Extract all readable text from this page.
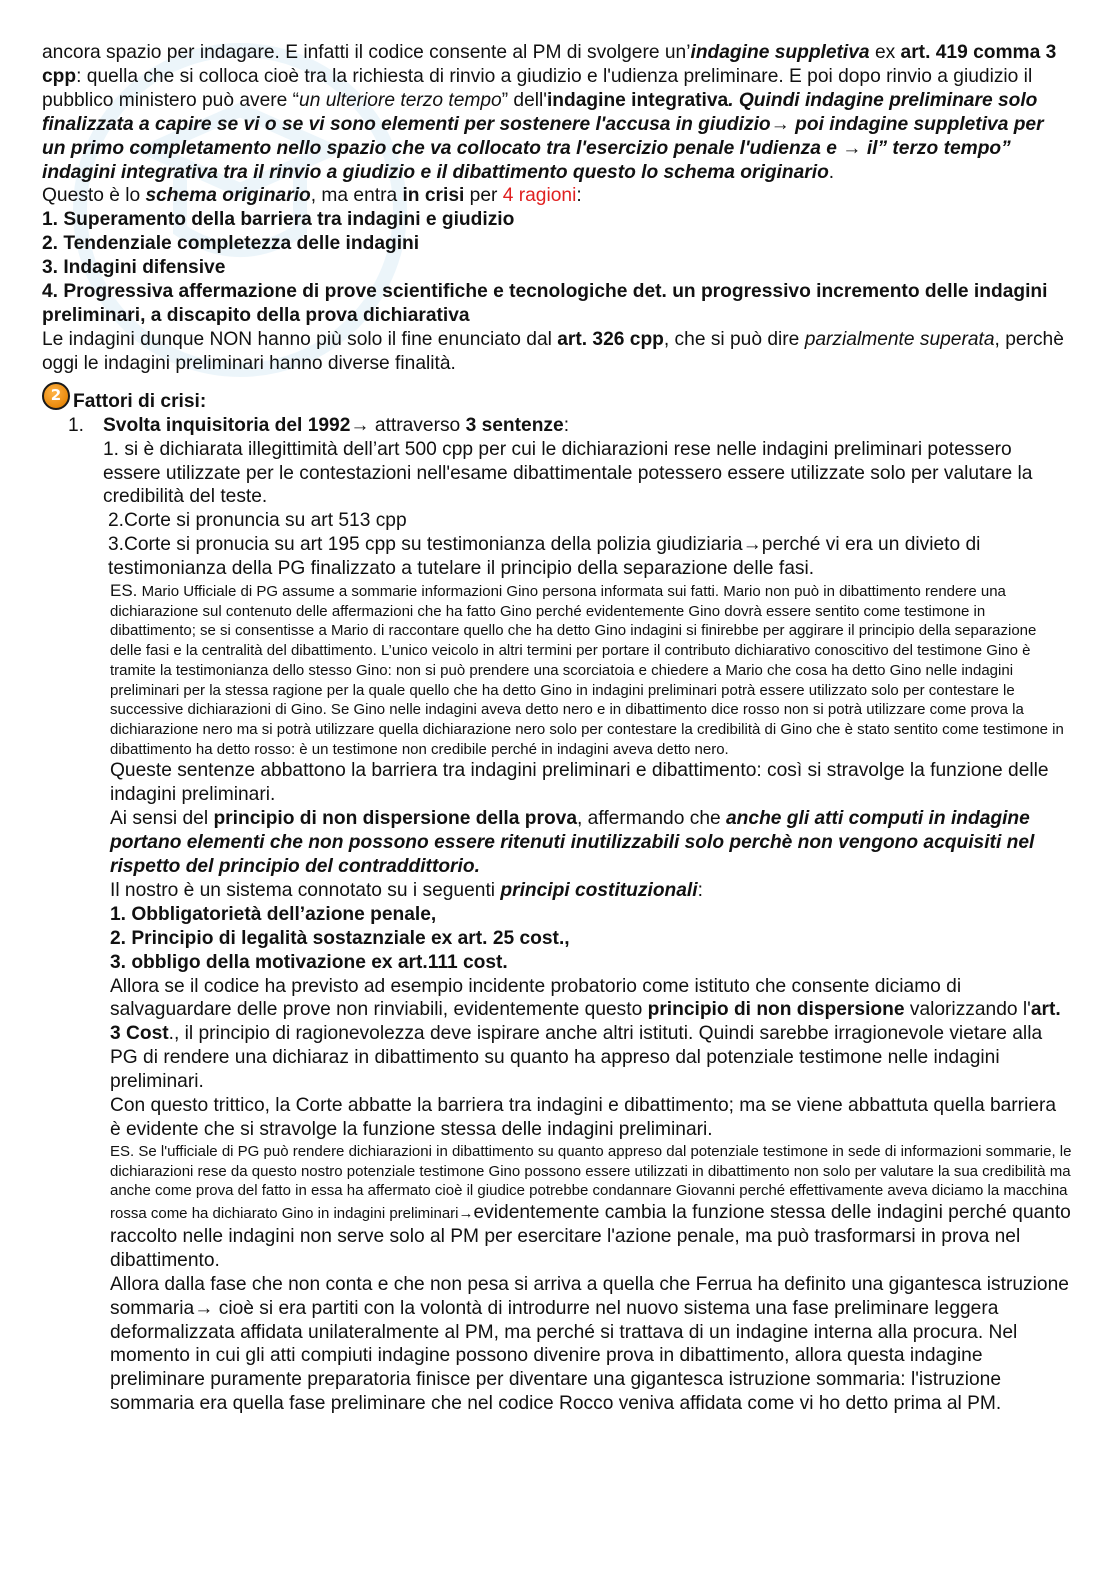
ancora spazio per indagare. E infatti il codice consente al PM di svolgere un’indagine suppletiva ex art. 419 comma 3 cpp: quella che si colloca cioè tra la richiesta di rinvio a giudizio e l'udienza preliminare. E poi dopo rinvio a giudizio il pubblico ministero può avere “un ulteriore terzo tempo” dell'indagine integrativa. Quindi indagine preliminare solo finalizzata a capire se vi o se vi sono elementi per sostenere l'accusa in giudizio→ poi indagine suppletiva per un primo completamento nello spazio che va collocato tra l'esercizio penale l'udienza e → il” terzo tempo” indagini integrativa tra il rinvio a giudizio e il dibattimento questo lo schema originario.

Questo è lo schema originario, ma entra in crisi per 4 ragioni:

1. Superamento della barriera tra indagini e giudizio

2. Tendenziale completezza delle indagini

3. Indagini difensive

4. Progressiva affermazione di prove scientifiche e tecnologiche det. un progressivo incremento delle indagini preliminari, a discapito della prova dichiarativa

Le indagini dunque NON hanno più solo il fine enunciato dal art. 326 cpp, che si può dire parzialmente superata, perchè oggi le indagini preliminari hanno diverse finalità.

2 Fattori di crisi:

1. Svolta inquisitoria del 1992→ attraverso 3 sentenze:

1. si è dichiarata illegittimità dell’art 500 cpp per cui le dichiarazioni rese nelle indagini preliminari potessero essere utilizzate per le contestazioni nell'esame dibattimentale potessero essere utilizzate solo per valutare la credibilità del teste.

2.Corte si pronuncia su art 513 cpp

3.Corte si pronucia su art 195 cpp su testimonianza della polizia giudiziaria→perché vi era un divieto di testimonianza della PG finalizzato a tutelare il principio della separazione delle fasi.

ES. Mario Ufficiale di PG assume a sommarie informazioni Gino persona informata sui fatti. Mario non può in dibattimento rendere una dichiarazione sul contenuto delle affermazioni che ha fatto Gino perché evidentemente Gino dovrà essere sentito come testimone in dibattimento; se si consentisse a Mario di raccontare quello che ha detto Gino indagini si finirebbe per aggirare il principio della separazione delle fasi e la centralità del dibattimento. L’unico veicolo in altri termini per portare il contributo dichiarativo conoscitivo del testimone Gino è tramite la testimonianza dello stesso Gino: non si può prendere una scorciatoia e chiedere a Mario che cosa ha detto Gino nelle indagini preliminari per la stessa ragione per la quale quello che ha detto Gino in indagini preliminari potrà essere utilizzato solo per contestare le successive dichiarazioni di Gino. Se Gino nelle indagini aveva detto nero e in dibattimento dice rosso non si potrà utilizzare come prova la dichiarazione nero ma si potrà utilizzare quella dichiarazione nero solo per contestare la credibilità di Gino che è stato sentito come testimone in dibattimento ha detto rosso: è un testimone non credibile perché in indagini aveva detto nero.

Queste sentenze abbattono la barriera tra indagini preliminari e dibattimento: così si stravolge la funzione delle indagini preliminari.

Ai sensi del principio di non dispersione della prova, affermando che anche gli atti computi in indagine portano elementi che non possono essere ritenuti inutilizzabili solo perchè non vengono acquisiti nel rispetto del principio del contraddittorio.

Il nostro è un sistema connotato su i seguenti principi costituzionali:

1. Obbligatorietà dell’azione penale,

2. Principio di legalità sostaznziale ex art. 25 cost.,

3. obbligo della motivazione ex art.111 cost.

Allora se il codice ha previsto ad esempio incidente probatorio come istituto che consente diciamo di salvaguardare delle prove non rinviabili, evidentemente questo principio di non dispersione valorizzando l'art. 3 Cost., il principio di ragionevolezza deve ispirare anche altri istituti. Quindi sarebbe irragionevole vietare alla PG di rendere una dichiaraz in dibattimento su quanto ha appreso dal potenziale testimone nelle indagini preliminari.

Con questo trittico, la Corte abbatte la barriera tra indagini e dibattimento; ma se viene abbattuta quella barriera è evidente che si stravolge la funzione stessa delle indagini preliminari.

ES. Se l'ufficiale di PG può rendere dichiarazioni in dibattimento su quanto appreso dal potenziale testimone in sede di informazioni sommarie, le dichiarazioni rese da questo nostro potenziale testimone Gino possono essere utilizzati in dibattimento non solo per valutare la sua credibilità ma anche come prova del fatto in essa ha affermato cioè il giudice potrebbe condannare Giovanni perché effettivamente aveva diciamo la macchina rossa come ha dichiarato Gino in indagini preliminari→evidentemente cambia la funzione stessa delle indagini perché quanto raccolto nelle indagini non serve solo al PM per esercitare l'azione penale, ma può trasformarsi in prova nel dibattimento.

Allora dalla fase che non conta e che non pesa si arriva a quella che Ferrua ha definito una gigantesca istruzione sommaria→ cioè si era partiti con la volontà di introdurre nel nuovo sistema una fase preliminare leggera deformalizzata affidata unilateralmente al PM, ma perché si trattava di un indagine interna alla procura. Nel momento in cui gli atti compiuti indagine possono divenire prova in dibattimento, allora questa indagine preliminare puramente preparatoria finisce per diventare una gigantesca istruzione sommaria: l'istruzione sommaria era quella fase preliminare che nel codice Rocco veniva affidata come vi ho detto prima al PM.
